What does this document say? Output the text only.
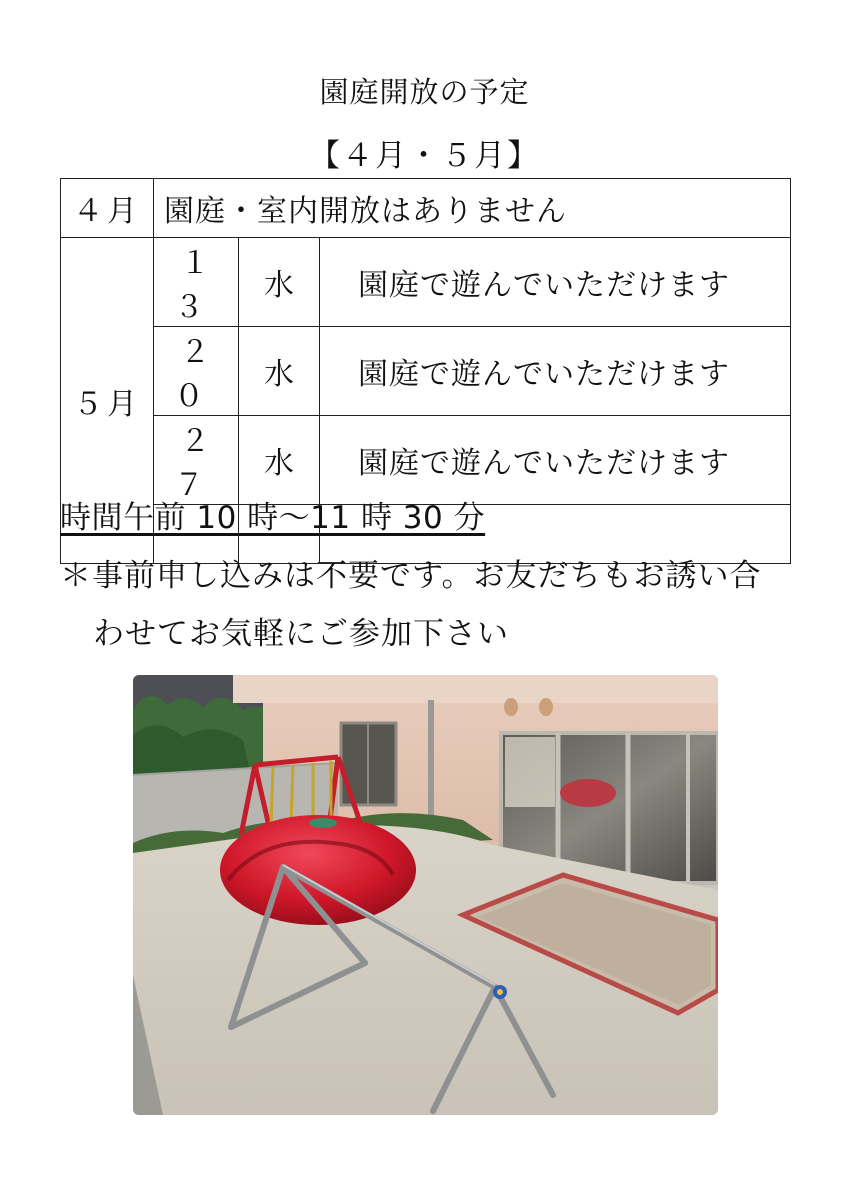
園庭開放の予定
【４月・５月】
４月	園庭・室内開放はありません		
５月	１３	水	園庭で遊んでいただけます
	２０	水	園庭で遊んでいただけます
	２７	水	園庭で遊んでいただけます

時間午前 10 時～11 時 30 分
＊事前申し込みは不要です。お友だちもお誘い合
わせてお気軽にご参加下さい
